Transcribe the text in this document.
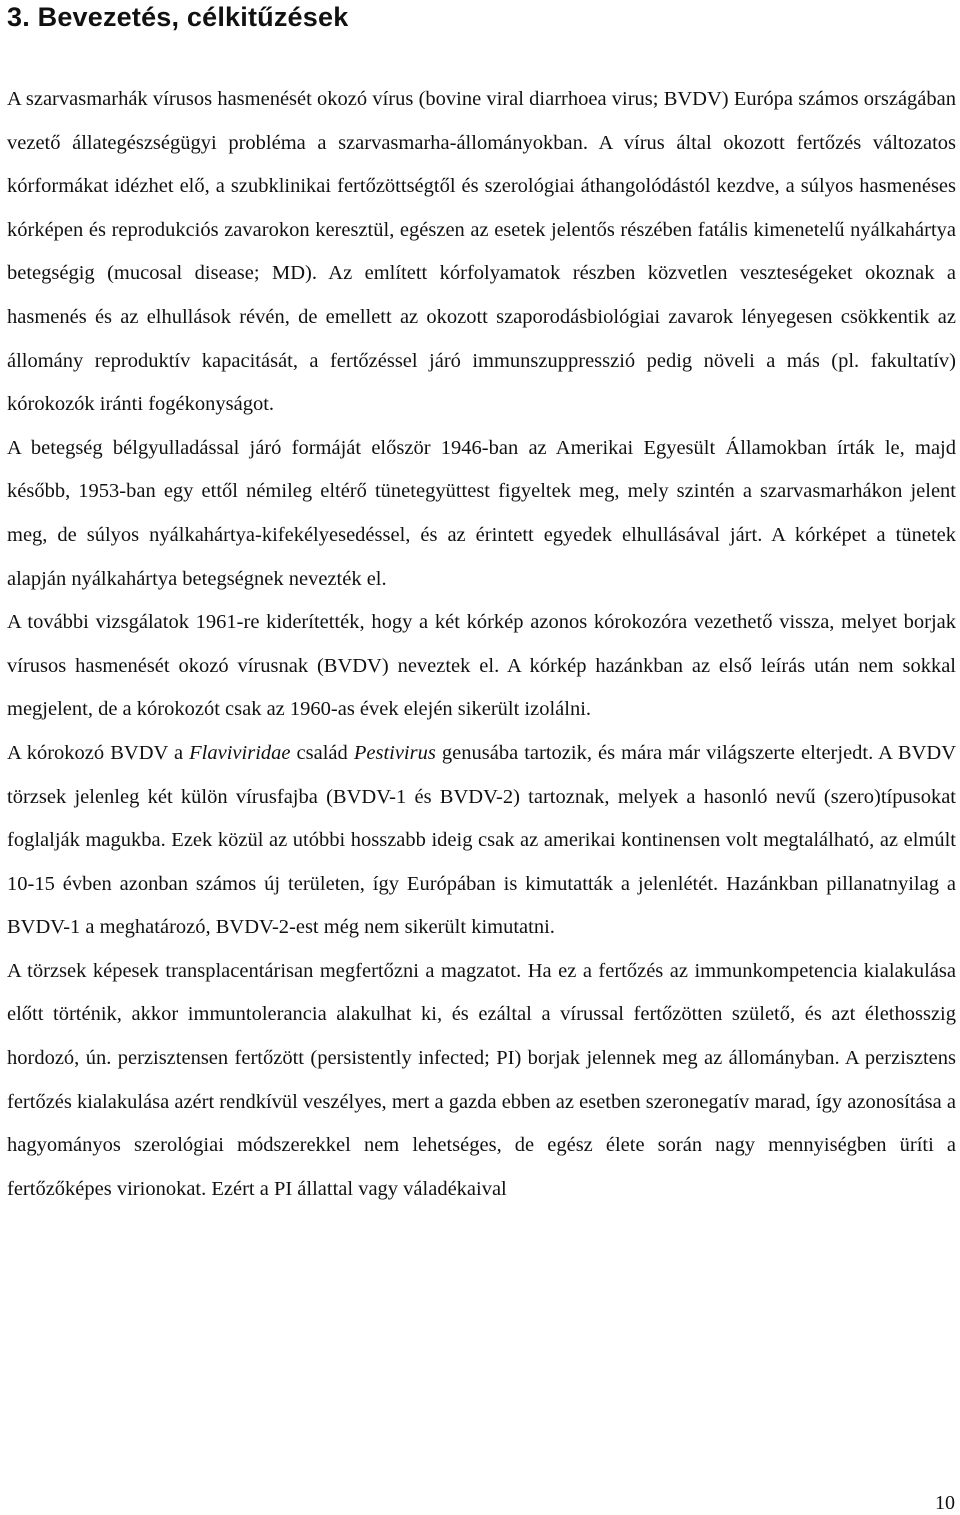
3. Bevezetés, célkitűzések

A szarvasmarhák vírusos hasmenését okozó vírus (bovine viral diarrhoea virus; BVDV) Európa számos országában vezető állategészségügyi probléma a szarvasmarha-állományokban. A vírus által okozott fertőzés változatos kórformákat idézhet elő, a szubklinikai fertőzöttségtől és szerológiai áthangolódástól kezdve, a súlyos hasmenéses kórképen és reprodukciós zavarokon keresztül, egészen az esetek jelentős részében fatális kimenetelű nyálkahártya betegségig (mucosal disease; MD). Az említett kórfolyamatok részben közvetlen veszteségeket okoznak a hasmenés és az elhullások révén, de emellett az okozott szaporodásbiológiai zavarok lényegesen csökkentik az állomány reproduktív kapacitását, a fertőzéssel járó immunszuppresszió pedig növeli a más (pl. fakultatív) kórokozók iránti fogékonyságot.

A betegség bélgyulladással járó formáját először 1946-ban az Amerikai Egyesült Államokban írták le, majd később, 1953-ban egy ettől némileg eltérő tünetegyüttest figyeltek meg, mely szintén a szarvasmarhákon jelent meg, de súlyos nyálkahártya-kifekélyesedéssel, és az érintett egyedek elhullásával járt. A kórképet a tünetek alapján nyálkahártya betegségnek nevezték el.

A további vizsgálatok 1961-re kiderítették, hogy a két kórkép azonos kórokozóra vezethető vissza, melyet borjak vírusos hasmenését okozó vírusnak (BVDV) neveztek el. A kórkép hazánkban az első leírás után nem sokkal megjelent, de a kórokozót csak az 1960-as évek elején sikerült izolálni.

A kórokozó BVDV a Flaviviridae család Pestivirus genusába tartozik, és mára már világszerte elterjedt. A BVDV törzsek jelenleg két külön vírusfajba (BVDV-1 és BVDV-2) tartoznak, melyek a hasonló nevű (szero)típusokat foglalják magukba. Ezek közül az utóbbi hosszabb ideig csak az amerikai kontinensen volt megtalálható, az elmúlt 10-15 évben azonban számos új területen, így Európában is kimutatták a jelenlétét. Hazánkban pillanatnyilag a BVDV-1 a meghatározó, BVDV-2-est még nem sikerült kimutatni.

A törzsek képesek transplacentárisan megfertőzni a magzatot. Ha ez a fertőzés az immunkompetencia kialakulása előtt történik, akkor immuntolerancia alakulhat ki, és ezáltal a vírussal fertőzötten születő, és azt élethosszig hordozó, ún. perzisztensen fertőzött (persistently infected; PI) borjak jelennek meg az állományban. A perzisztens fertőzés kialakulása azért rendkívül veszélyes, mert a gazda ebben az esetben szeronegatív marad, így azonosítása a hagyományos szerológiai módszerekkel nem lehetséges, de egész élete során nagy mennyiségben üríti a fertőzőképes virionokat. Ezért a PI állattal vagy váladékaival

10
